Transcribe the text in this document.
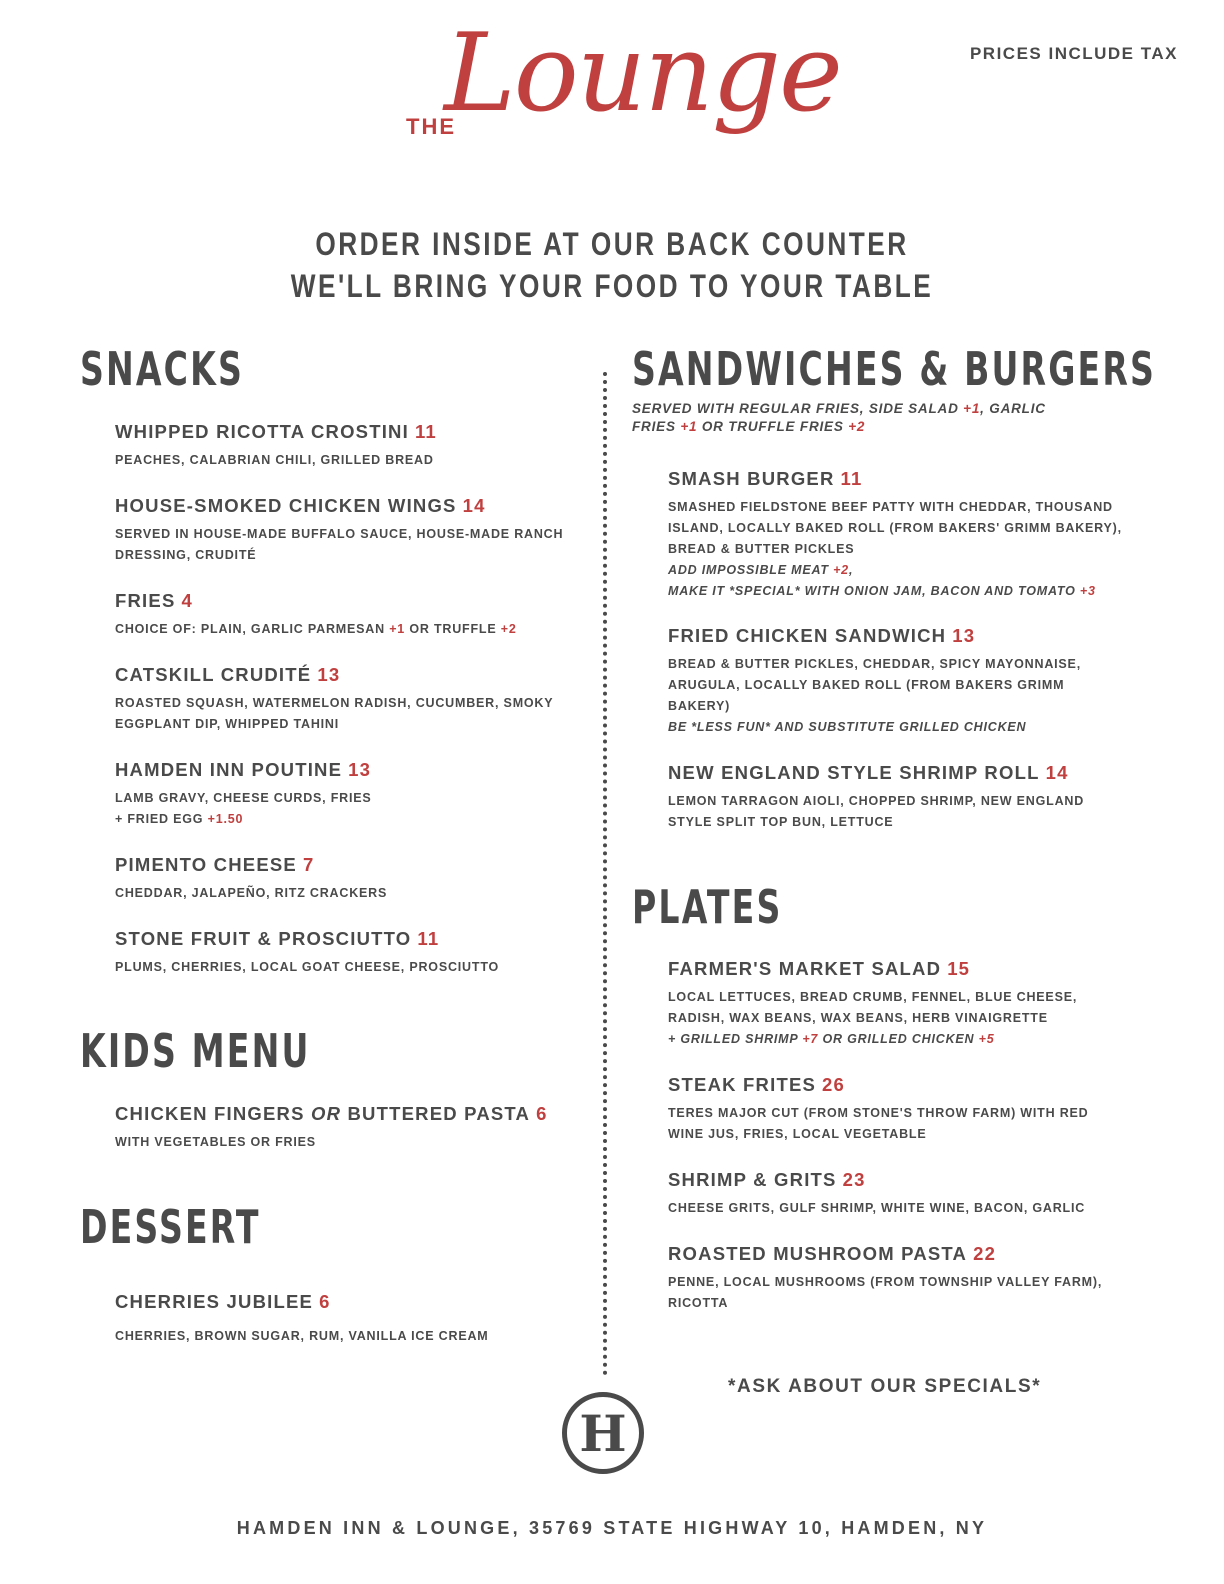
PRICES INCLUDE TAX
THE
Lounge
ORDER INSIDE AT OUR BACK COUNTER
WE'LL BRING YOUR FOOD TO YOUR TABLE
SNACKS
WHIPPED RICOTTA CROSTINI 11
PEACHES, CALABRIAN CHILI, GRILLED BREAD
HOUSE-SMOKED CHICKEN WINGS 14
SERVED IN HOUSE-MADE BUFFALO SAUCE, HOUSE-MADE RANCH
DRESSING, CRUDITÉ
FRIES 4
CHOICE OF: PLAIN, GARLIC PARMESAN +1 OR TRUFFLE +2
CATSKILL CRUDITÉ 13
ROASTED SQUASH, WATERMELON RADISH, CUCUMBER, SMOKY
EGGPLANT DIP, WHIPPED TAHINI
HAMDEN INN POUTINE 13
LAMB GRAVY, CHEESE CURDS, FRIES
+ FRIED EGG +1.50
PIMENTO CHEESE 7
CHEDDAR, JALAPEÑO, RITZ CRACKERS
STONE FRUIT & PROSCIUTTO 11
PLUMS, CHERRIES, LOCAL GOAT CHEESE, PROSCIUTTO
KIDS MENU
CHICKEN FINGERS OR BUTTERED PASTA 6
WITH VEGETABLES OR FRIES
DESSERT
CHERRIES JUBILEE 6
CHERRIES, BROWN SUGAR, RUM, VANILLA ICE CREAM
SANDWICHES & BURGERS
SERVED WITH REGULAR FRIES, SIDE SALAD +1, GARLIC
FRIES +1 OR TRUFFLE FRIES +2
SMASH BURGER 11
SMASHED FIELDSTONE BEEF PATTY WITH CHEDDAR, THOUSAND
ISLAND, LOCALLY BAKED ROLL (FROM BAKERS' GRIMM BAKERY),
BREAD & BUTTER PICKLES
ADD IMPOSSIBLE MEAT +2,
MAKE IT *SPECIAL* WITH ONION JAM, BACON AND TOMATO +3
FRIED CHICKEN SANDWICH 13
BREAD & BUTTER PICKLES, CHEDDAR, SPICY MAYONNAISE,
ARUGULA, LOCALLY BAKED ROLL (FROM BAKERS GRIMM
BAKERY)
BE *LESS FUN* AND SUBSTITUTE GRILLED CHICKEN
NEW ENGLAND STYLE SHRIMP ROLL 14
LEMON TARRAGON AIOLI, CHOPPED SHRIMP, NEW ENGLAND
STYLE SPLIT TOP BUN, LETTUCE
PLATES
FARMER'S MARKET SALAD 15
LOCAL LETTUCES, BREAD CRUMB, FENNEL, BLUE CHEESE,
RADISH, WAX BEANS, WAX BEANS, HERB VINAIGRETTE
+ GRILLED SHRIMP +7 OR GRILLED CHICKEN +5
STEAK FRITES 26
TERES MAJOR CUT (FROM STONE'S THROW FARM) WITH RED
WINE JUS, FRIES, LOCAL VEGETABLE
SHRIMP & GRITS 23
CHEESE GRITS, GULF SHRIMP, WHITE WINE, BACON, GARLIC
ROASTED MUSHROOM PASTA 22
PENNE, LOCAL MUSHROOMS (FROM TOWNSHIP VALLEY FARM),
RICOTTA
*ASK ABOUT OUR SPECIALS*
H
HAMDEN INN & LOUNGE, 35769 STATE HIGHWAY 10, HAMDEN, NY
